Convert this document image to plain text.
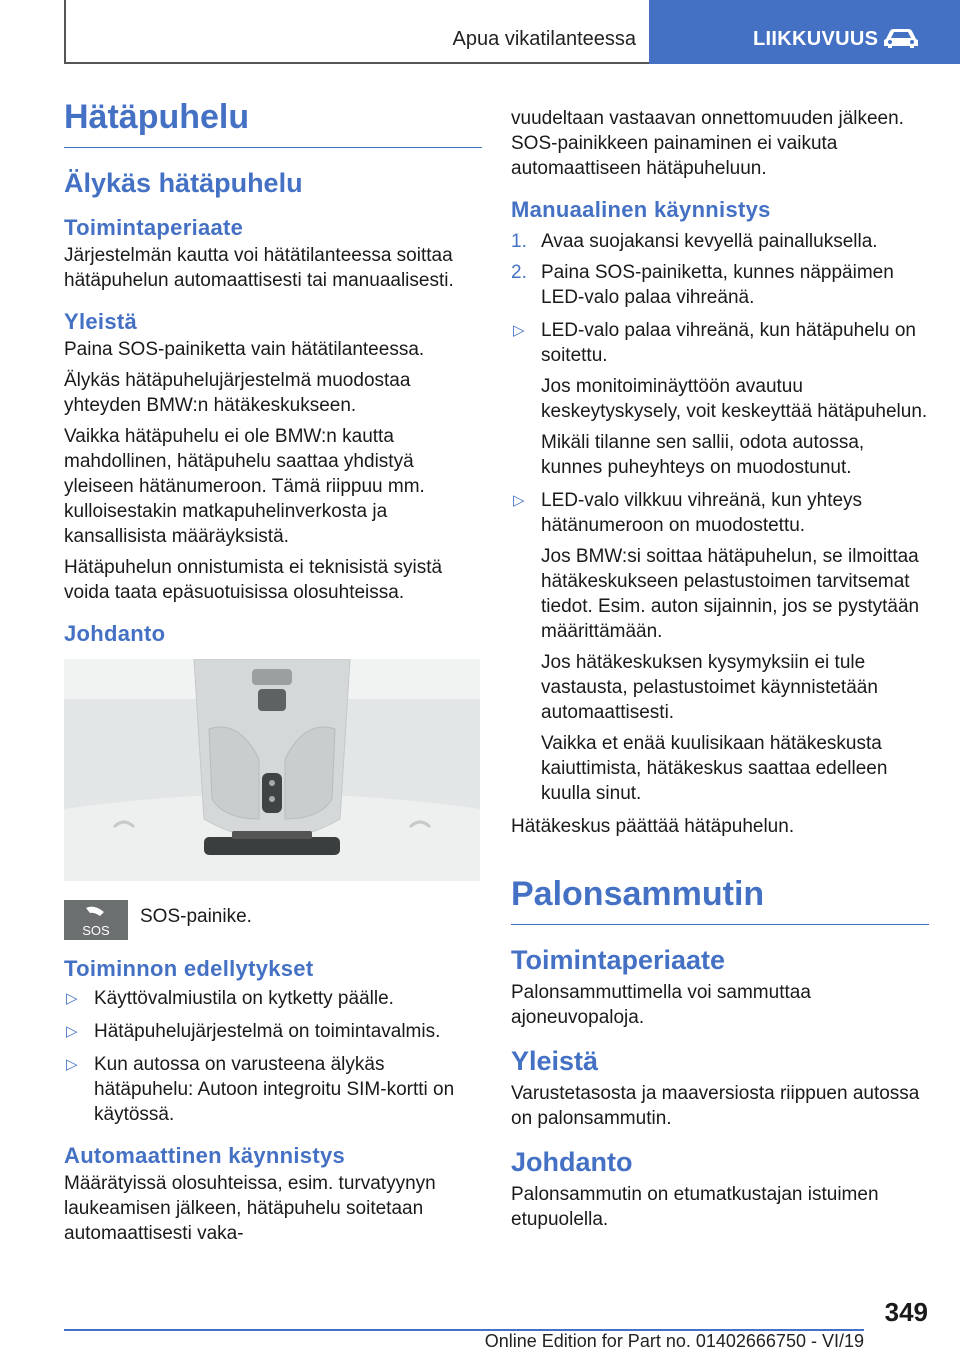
Apua vikatilanteessa	LIIKKUVUUS
Hätäpuhelu
Älykäs hätäpuhelu
Toimintaperiaate

Järjestelmän kautta voi hätätilanteessa soittaa hätäpuhelun automaattisesti tai manuaalisesti.

Yleistä

Paina SOS-painiketta vain hätätilanteessa.

Älykäs hätäpuhelujärjestelmä muodostaa yhteyden BMW:n hätäkeskukseen.

Vaikka hätäpuhelu ei ole BMW:n kautta mahdollinen, hätäpuhelu saattaa yhdistyä yleiseen hätänumeroon. Tämä riippuu mm. kulloisestakin matkapuhelinverkosta ja kansallisista määräyksistä.

Hätäpuhelun onnistumista ei teknisistä syistä voida taata epäsuotuisissa olosuhteissa.

Johdanto
SOS

SOS-painike.

Toiminnon edellytykset
▷ Käyttövalmiustila on kytketty päälle.
▷ Hätäpuhelujärjestelmä on toimintavalmis.
▷ Kun autossa on varusteena älykäs hätäpuhelu: Autoon integroitu SIM-kortti on käytössä.
Automaattinen käynnistys

Määrätyissä olosuhteissa, esim. turvatyynyn laukeamisen jälkeen, hätäpuhelu soitetaan automaattisesti vaka-

vuudeltaan vastaavan onnettomuuden jälkeen. SOS-painikkeen painaminen ei vaikuta automaattiseen hätäpuheluun.

Manuaalinen käynnistys
1. Avaa suojakansi kevyellä painalluksella.
2. Paina SOS-painiketta, kunnes näppäimen LED-valo palaa vihreänä.
▷ LED-valo palaa vihreänä, kun hätäpuhelu on soitettu.

Jos monitoiminäyttöön avautuu keskeytyskysely, voit keskeyttää hätäpuhelun.

Mikäli tilanne sen sallii, odota autossa, kunnes puheyhteys on muodostunut.

▷ LED-valo vilkkuu vihreänä, kun yhteys hätänumeroon on muodostettu.

Jos BMW:si soittaa hätäpuhelun, se ilmoittaa hätäkeskukseen pelastustoimen tarvitsemat tiedot. Esim. auton sijainnin, jos se pystytään määrittämään.

Jos hätäkeskuksen kysymyksiin ei tule vastausta, pelastustoimet käynnistetään automaattisesti.

Vaikka et enää kuulisikaan hätäkeskusta kaiuttimista, hätäkeskus saattaa edelleen kuulla sinut.

Hätäkeskus päättää hätäpuhelun.

Palonsammutin
Toimintaperiaate

Palonsammuttimella voi sammuttaa ajoneuvopaloja.

Yleistä

Varustetasosta ja maaversiosta riippuen autossa on palonsammutin.

Johdanto

Palonsammutin on etumatkustajan istuimen etupuolella.

349
Online Edition for Part no. 01402666750 - VI/19
